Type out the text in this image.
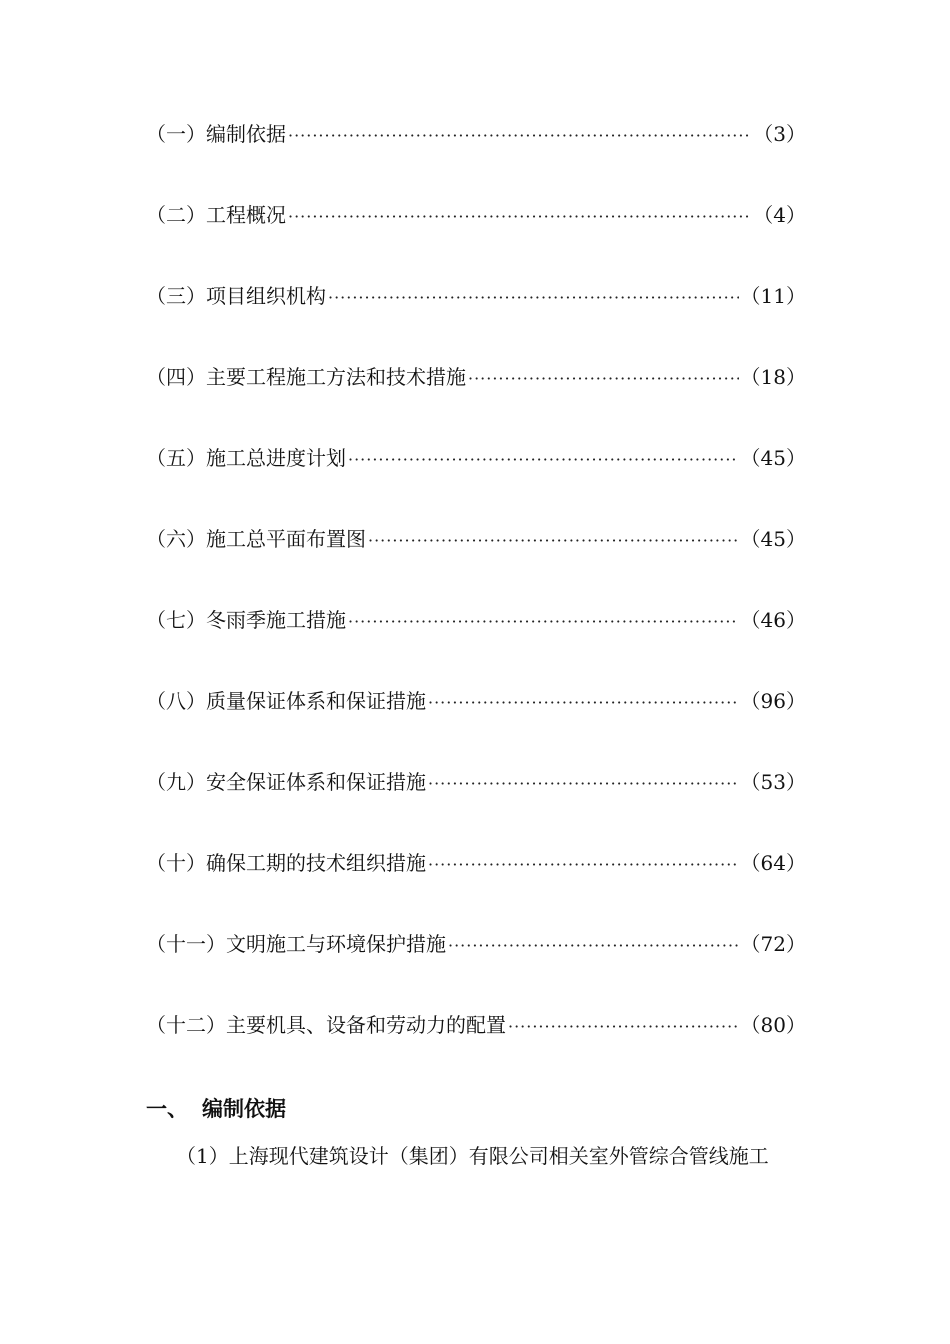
（一）编制依据 ·····	（3）
（二）工程概况 ·····	（4）
（三）项目组织机构 ·····	（11）
（四）主要工程施工方法和技术措施 ·····	（18）
（五）施工总进度计划 ·····	（45）
（六）施工总平面布置图 ·····	（45）
（七）冬雨季施工措施 ·····	（46）
（八）质量保证体系和保证措施 ·····	（96）
（九）安全保证体系和保证措施 ·····	（53）
（十）确保工期的技术组织措施 ·····	（64）
（十一）文明施工与环境保护措施 ·····	（72）
（十二）主要机具、设备和劳动力的配置 ·····	（80）
一、 编制依据
（1）上海现代建筑设计（集团）有限公司相关室外管综合管线施工
